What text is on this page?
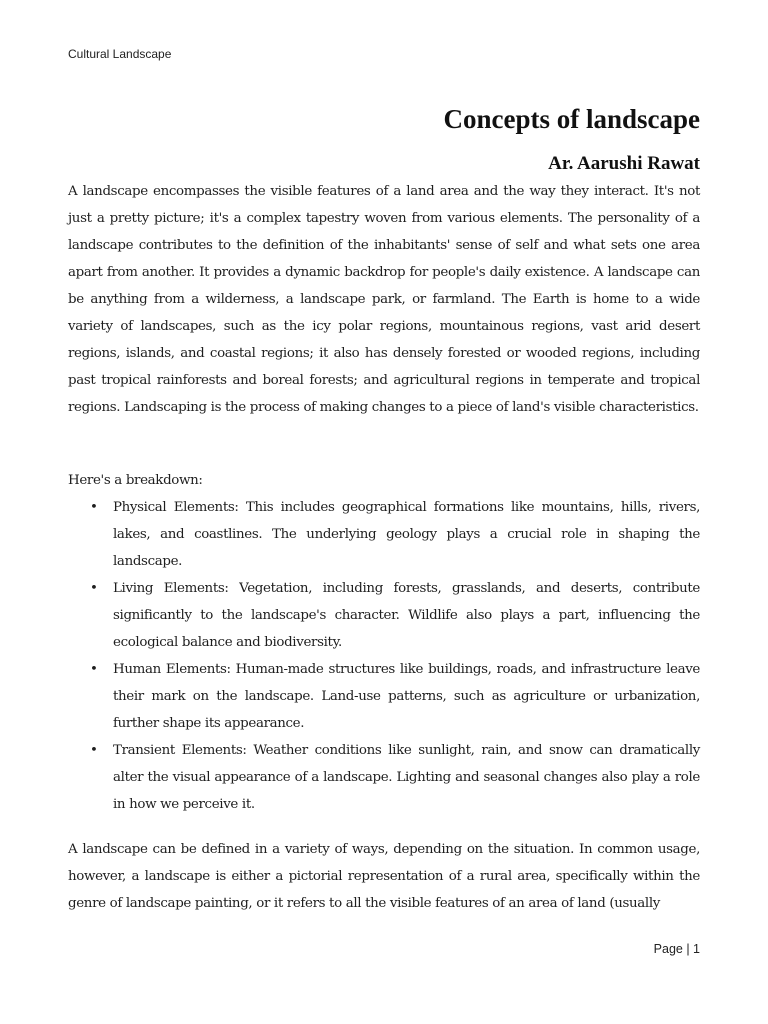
Cultural Landscape
Concepts of landscape
Ar. Aarushi Rawat

A landscape encompasses the visible features of a land area and the way they interact. It's not just a pretty picture; it's a complex tapestry woven from various elements. The personality of a landscape contributes to the definition of the inhabitants' sense of self and what sets one area apart from another. It provides a dynamic backdrop for people's daily existence. A landscape can be anything from a wilderness, a landscape park, or farmland. The Earth is home to a wide variety of landscapes, such as the icy polar regions, mountainous regions, vast arid desert regions, islands, and coastal regions; it also has densely forested or wooded regions, including past tropical rainforests and boreal forests; and agricultural regions in temperate and tropical regions. Landscaping is the process of making changes to a piece of land's visible characteristics.

Here's a breakdown:

• Physical Elements: This includes geographical formations like mountains, hills, rivers, lakes, and coastlines. The underlying geology plays a crucial role in shaping the landscape.
• Living Elements: Vegetation, including forests, grasslands, and deserts, contribute significantly to the landscape's character. Wildlife also plays a part, influencing the ecological balance and biodiversity.
• Human Elements: Human-made structures like buildings, roads, and infrastructure leave their mark on the landscape. Land-use patterns, such as agriculture or urbanization, further shape its appearance.
• Transient Elements: Weather conditions like sunlight, rain, and snow can dramatically alter the visual appearance of a landscape. Lighting and seasonal changes also play a role in how we perceive it.

A landscape can be defined in a variety of ways, depending on the situation. In common usage, however, a landscape is either a pictorial representation of a rural area, specifically within the genre of landscape painting, or it refers to all the visible features of an area of land (usually

Page | 1
